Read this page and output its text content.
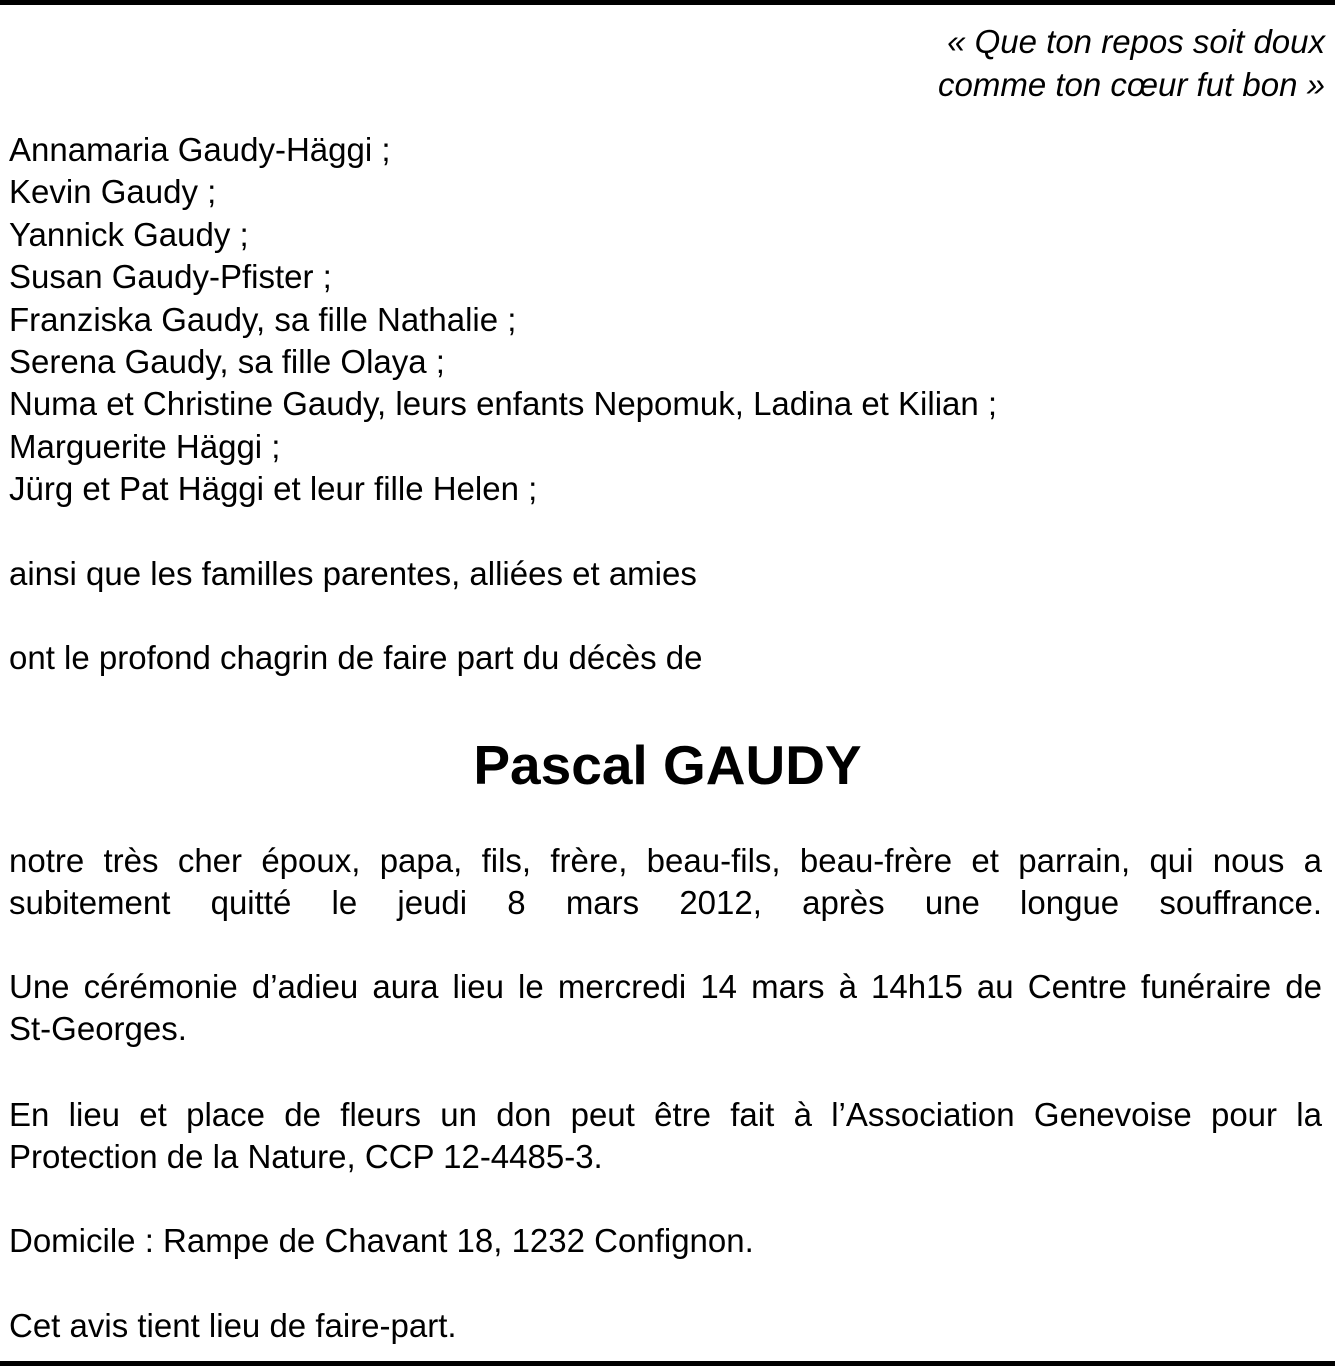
« Que ton repos soit doux
comme ton cœur fut bon »
Annamaria Gaudy-Häggi ;
Kevin Gaudy ;
Yannick Gaudy ;
Susan Gaudy-Pfister ;
Franziska Gaudy, sa fille Nathalie ;
Serena Gaudy, sa fille Olaya ;
Numa et Christine Gaudy, leurs enfants Nepomuk, Ladina et Kilian ;
Marguerite Häggi ;
Jürg et Pat Häggi et leur fille Helen ;
ainsi que les familles parentes, alliées et amies
ont le profond chagrin de faire part du décès de
Pascal GAUDY

notre très cher époux, papa, fils, frère, beau-fils, beau-frère et parrain, qui nous a
subitement quitté le jeudi 8 mars 2012, après une longue souffrance.

Une cérémonie d’adieu aura lieu le mercredi 14 mars à 14h15 au Centre funéraire de
St-Georges.

En lieu et place de fleurs un don peut être fait à l’Association Genevoise pour la
Protection de la Nature, CCP 12-4485-3.

Domicile : Rampe de Chavant 18, 1232 Confignon.

Cet avis tient lieu de faire-part.
